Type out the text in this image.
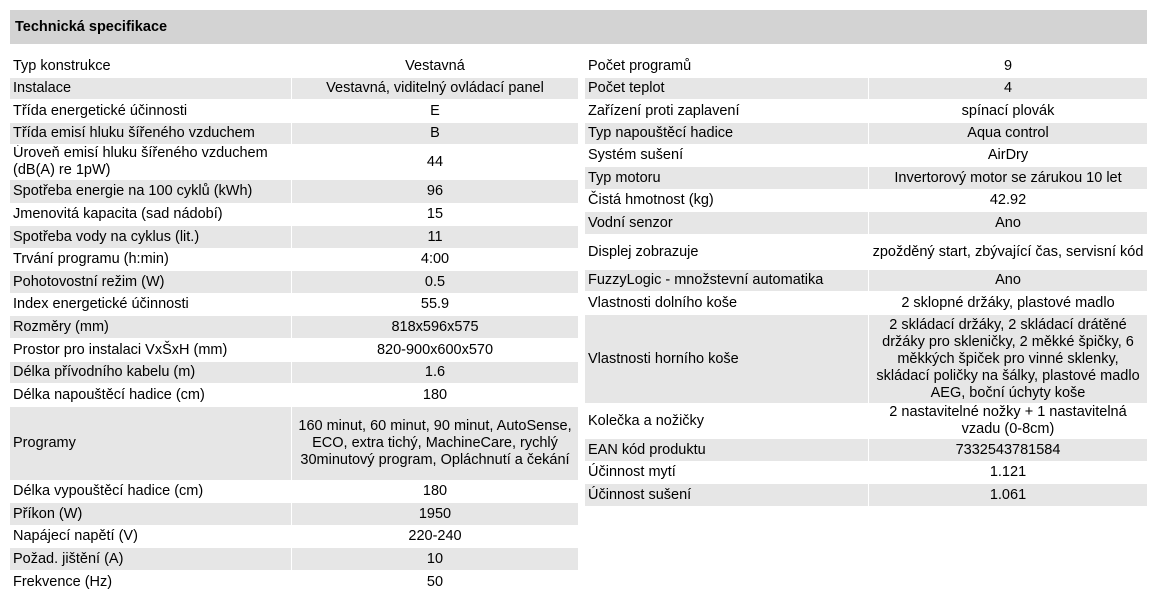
Technická specifikace
Typ konstrukce	Vestavná
Instalace	Vestavná, viditelný ovládací panel
Třída energetické účinnosti	E
Třída emisí hluku šířeného vzduchem	B
Úroveň emisí hluku šířeného vzduchem (dB(A) re 1pW)	44
Spotřeba energie na 100 cyklů (kWh)	96
Jmenovitá kapacita (sad nádobí)	15
Spotřeba vody na cyklus (lit.)	11
Trvání programu (h:min)	4:00
Pohotovostní režim (W)	0.5
Index energetické účinnosti	55.9
Rozměry (mm)	818x596x575
Prostor pro instalaci VxŠxH (mm)	820-900x600x570
Délka přívodního kabelu (m)	1.6
Délka napouštěcí hadice (cm)	180
Programy	160 minut, 60 minut, 90 minut, AutoSense, ECO, extra tichý, MachineCare, rychlý 30minutový program, Opláchnutí a čekání
Délka vypouštěcí hadice (cm)	180
Příkon (W)	1950
Napájecí napětí (V)	220-240
Požad. jištění (A)	10
Frekvence (Hz)	50
Počet programů	9
Počet teplot	4
Zařízení proti zaplavení	spínací plovák
Typ napouštěcí hadice	Aqua control
Systém sušení	AirDry
Typ motoru	Invertorový motor se zárukou 10 let
Čistá hmotnost (kg)	42.92
Vodní senzor	Ano
Displej zobrazuje	zpožděný start, zbývající čas, servisní kód
FuzzyLogic - množstevní automatika	Ano
Vlastnosti dolního koše	2 sklopné držáky, plastové madlo
Vlastnosti horního koše	2 skládací držáky, 2 skládací drátěné držáky pro skleničky, 2 měkké špičky, 6 měkkých špiček pro vinné sklenky, skládací poličky na šálky, plastové madlo AEG, boční úchyty koše
Kolečka a nožičky	2 nastavitelné nožky + 1 nastavitelná vzadu (0-8cm)
EAN kód produktu	7332543781584
Účinnost mytí	1.121
Účinnost sušení	1.061
